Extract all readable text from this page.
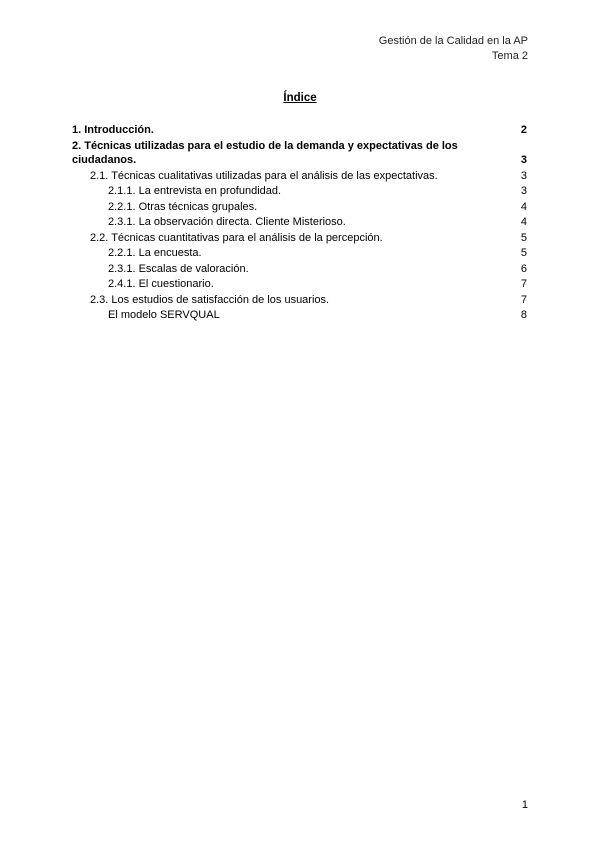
Gestión de la Calidad en la AP
Tema 2
Índice
1. Introducción.	2
2. Técnicas utilizadas para el estudio de la demanda y expectativas de los ciudadanos.	3
2.1. Técnicas cualitativas utilizadas para el análisis de las expectativas.	3
2.1.1. La entrevista en profundidad.	3
2.2.1. Otras técnicas grupales.	4
2.3.1. La observación directa. Cliente Misterioso.	4
2.2. Técnicas cuantitativas para el análisis de la percepción.	5
2.2.1. La encuesta.	5
2.3.1. Escalas de valoración.	6
2.4.1. El cuestionario.	7
2.3. Los estudios de satisfacción de los usuarios.	7
El modelo SERVQUAL	8
1
